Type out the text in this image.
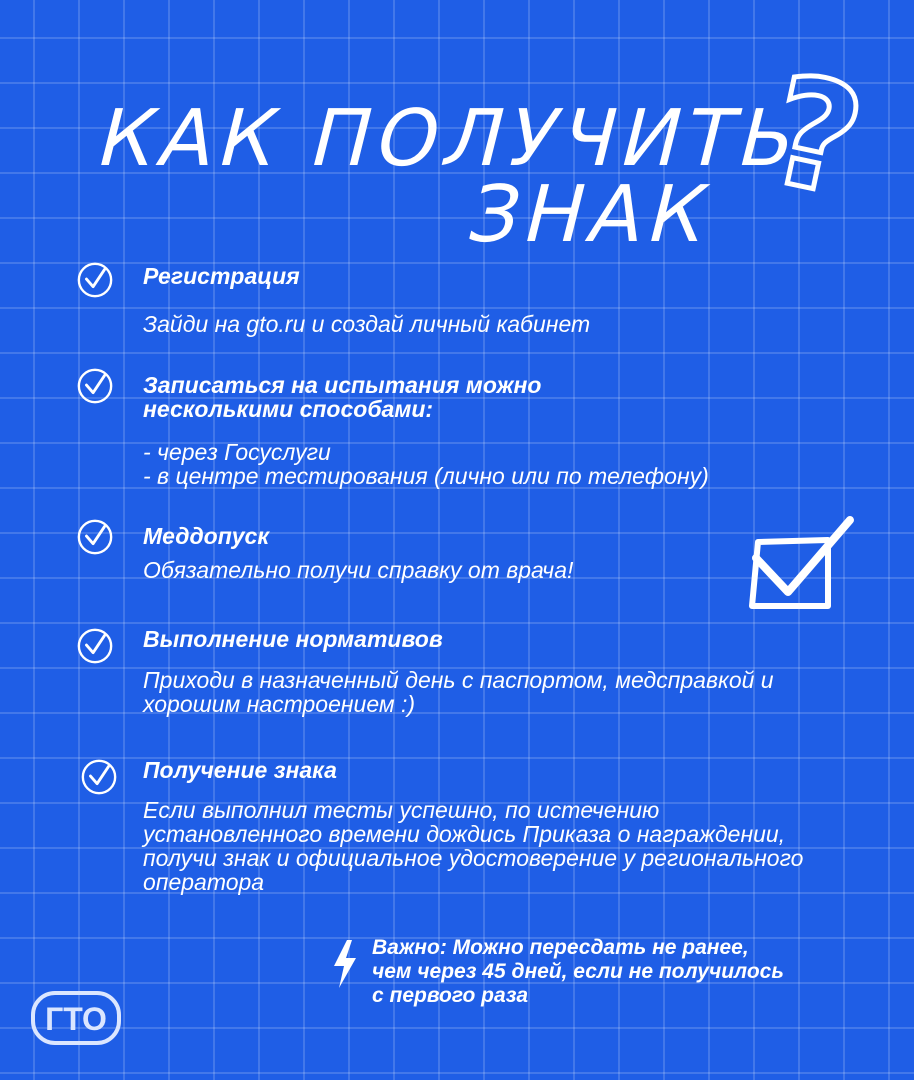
КАК ПОЛУЧИТЬ
ЗНАК ?

Регистрация

Зайди на gto.ru и создай личный кабинет

Записаться на испытания можно
несколькими способами:

- через Госуслуги
- в центре тестирования (лично или по телефону)

Меддопуск

Обязательно получи справку от врача!

Выполнение нормативов

Приходи в назначенный день с паспортом, медсправкой и
хорошим настроением :)

Получение знака

Если выполнил тесты успешно, по истечению
установленного времени дождись Приказа о награждении,
получи знак и официальное удостоверение у регионального
оператора

Важно: Можно пересдать не ранее,
чем через 45 дней, если не получилось
с первого раза

ГТО
